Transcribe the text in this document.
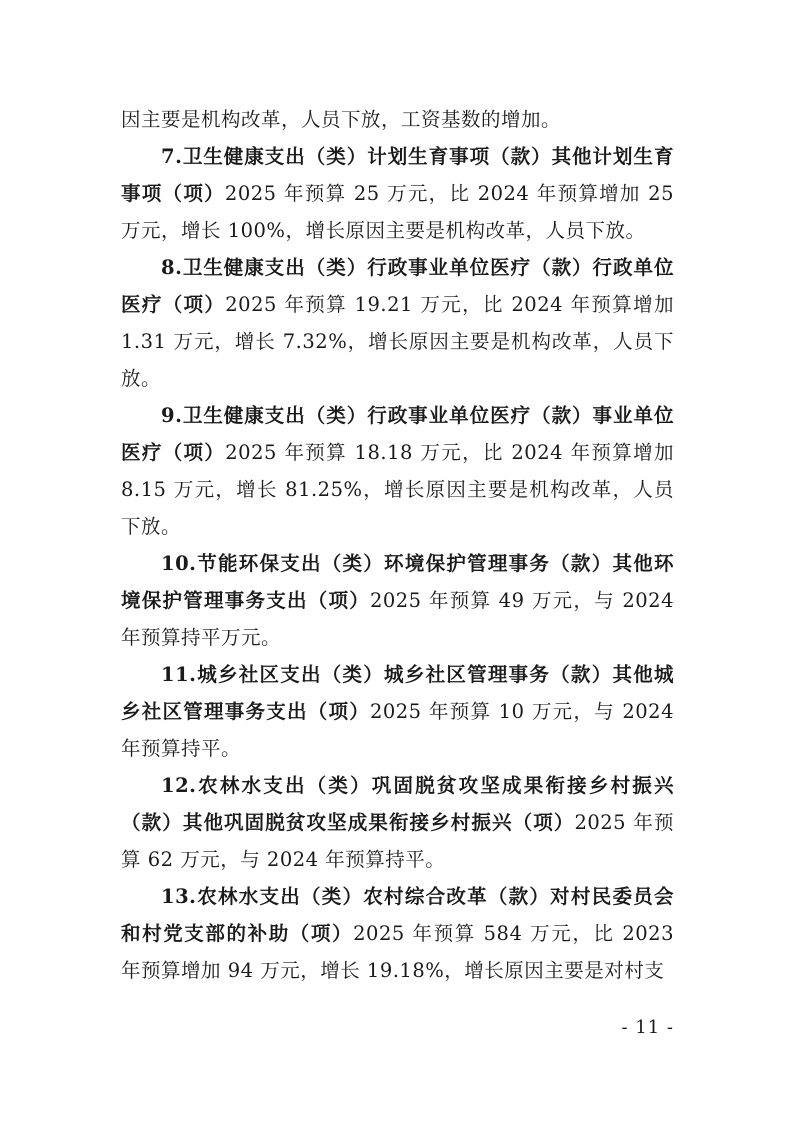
因主要是机构改革，人员下放，工资基数的增加。

7.卫生健康支出（类）计划生育事项（款）其他计划生育事项（项）2025 年预算 25 万元，比 2024 年预算增加 25 万元，增长 100%，增长原因主要是机构改革，人员下放。

8.卫生健康支出（类）行政事业单位医疗（款）行政单位医疗（项）2025 年预算 19.21 万元，比 2024 年预算增加 1.31 万元，增长 7.32%，增长原因主要是机构改革，人员下放。

9.卫生健康支出（类）行政事业单位医疗（款）事业单位医疗（项）2025 年预算 18.18 万元，比 2024 年预算增加 8.15 万元，增长 81.25%，增长原因主要是机构改革，人员下放。

10.节能环保支出（类）环境保护管理事务（款）其他环境保护管理事务支出（项）2025 年预算 49 万元，与 2024 年预算持平万元。

11.城乡社区支出（类）城乡社区管理事务（款）其他城乡社区管理事务支出（项）2025 年预算 10 万元，与 2024 年预算持平。

12.农林水支出（类）巩固脱贫攻坚成果衔接乡村振兴（款）其他巩固脱贫攻坚成果衔接乡村振兴（项）2025 年预算 62 万元，与 2024 年预算持平。

13.农林水支出（类）农村综合改革（款）对村民委员会和村党支部的补助（项）2025 年预算 584 万元，比 2023 年预算增加 94 万元，增长 19.18%，增长原因主要是对村支

- 11 -
